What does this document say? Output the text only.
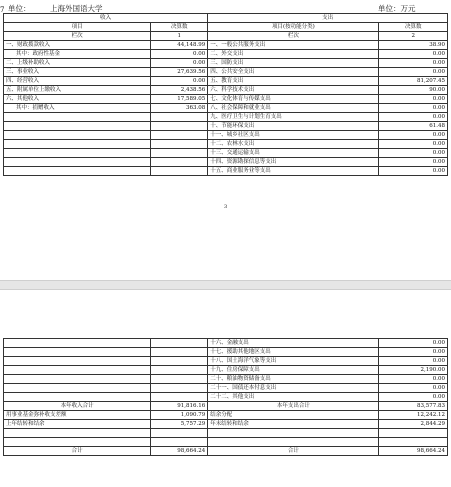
7 单位：	上海外国语大学	单位：万元
收入		支出	
项目	决算数	项目(按功能分类)	决算数
栏次	1	栏次	2
一、财政拨款收入	44,148.99	一、一般公共服务支出	38.90
其中：政府性基金	0.00	二、外交支出	0.00
二、上级补助收入	0.00	三、国防支出	0.00
三、事业收入	27,639.56	四、公共安全支出	0.00
四、经营收入	0.00	五、教育支出	81,207.45
五、附属单位上缴收入	2,438.56	六、科学技术支出	90.00
六、其他收入	17,589.05	七、文化体育与传媒支出	0.00
其中：捐赠收入	363.08	八、社会保障和就业支出	0.00
		九、医疗卫生与计划生育支出	0.00
		十、节能环保支出	61.48
		十一、城乡社区支出	0.00
		十二、农林水支出	0.00
		十三、交通运输支出	0.00
		十四、资源勘探信息等支出	0.00
		十五、商业服务业等支出	0.00
3
		十六、金融支出	0.00
		十七、援助其他地区支出	0.00
		十八、国土海洋气象等支出	0.00
		十九、住房保障支出	2,190.00
		二十、粮油物资储备支出	0.00
		二十一、国债还本付息支出	0.00
		二十二、其他支出	0.00
本年收入合计	91,816.16	本年支出合计	83,577.83
用事业基金弥补收支差额	1,090.79	结余分配	12,242.12
上年结转和结余	5,757.29	年末结转和结余	2,844.29

合计	98,664.24	合计	98,664.24
